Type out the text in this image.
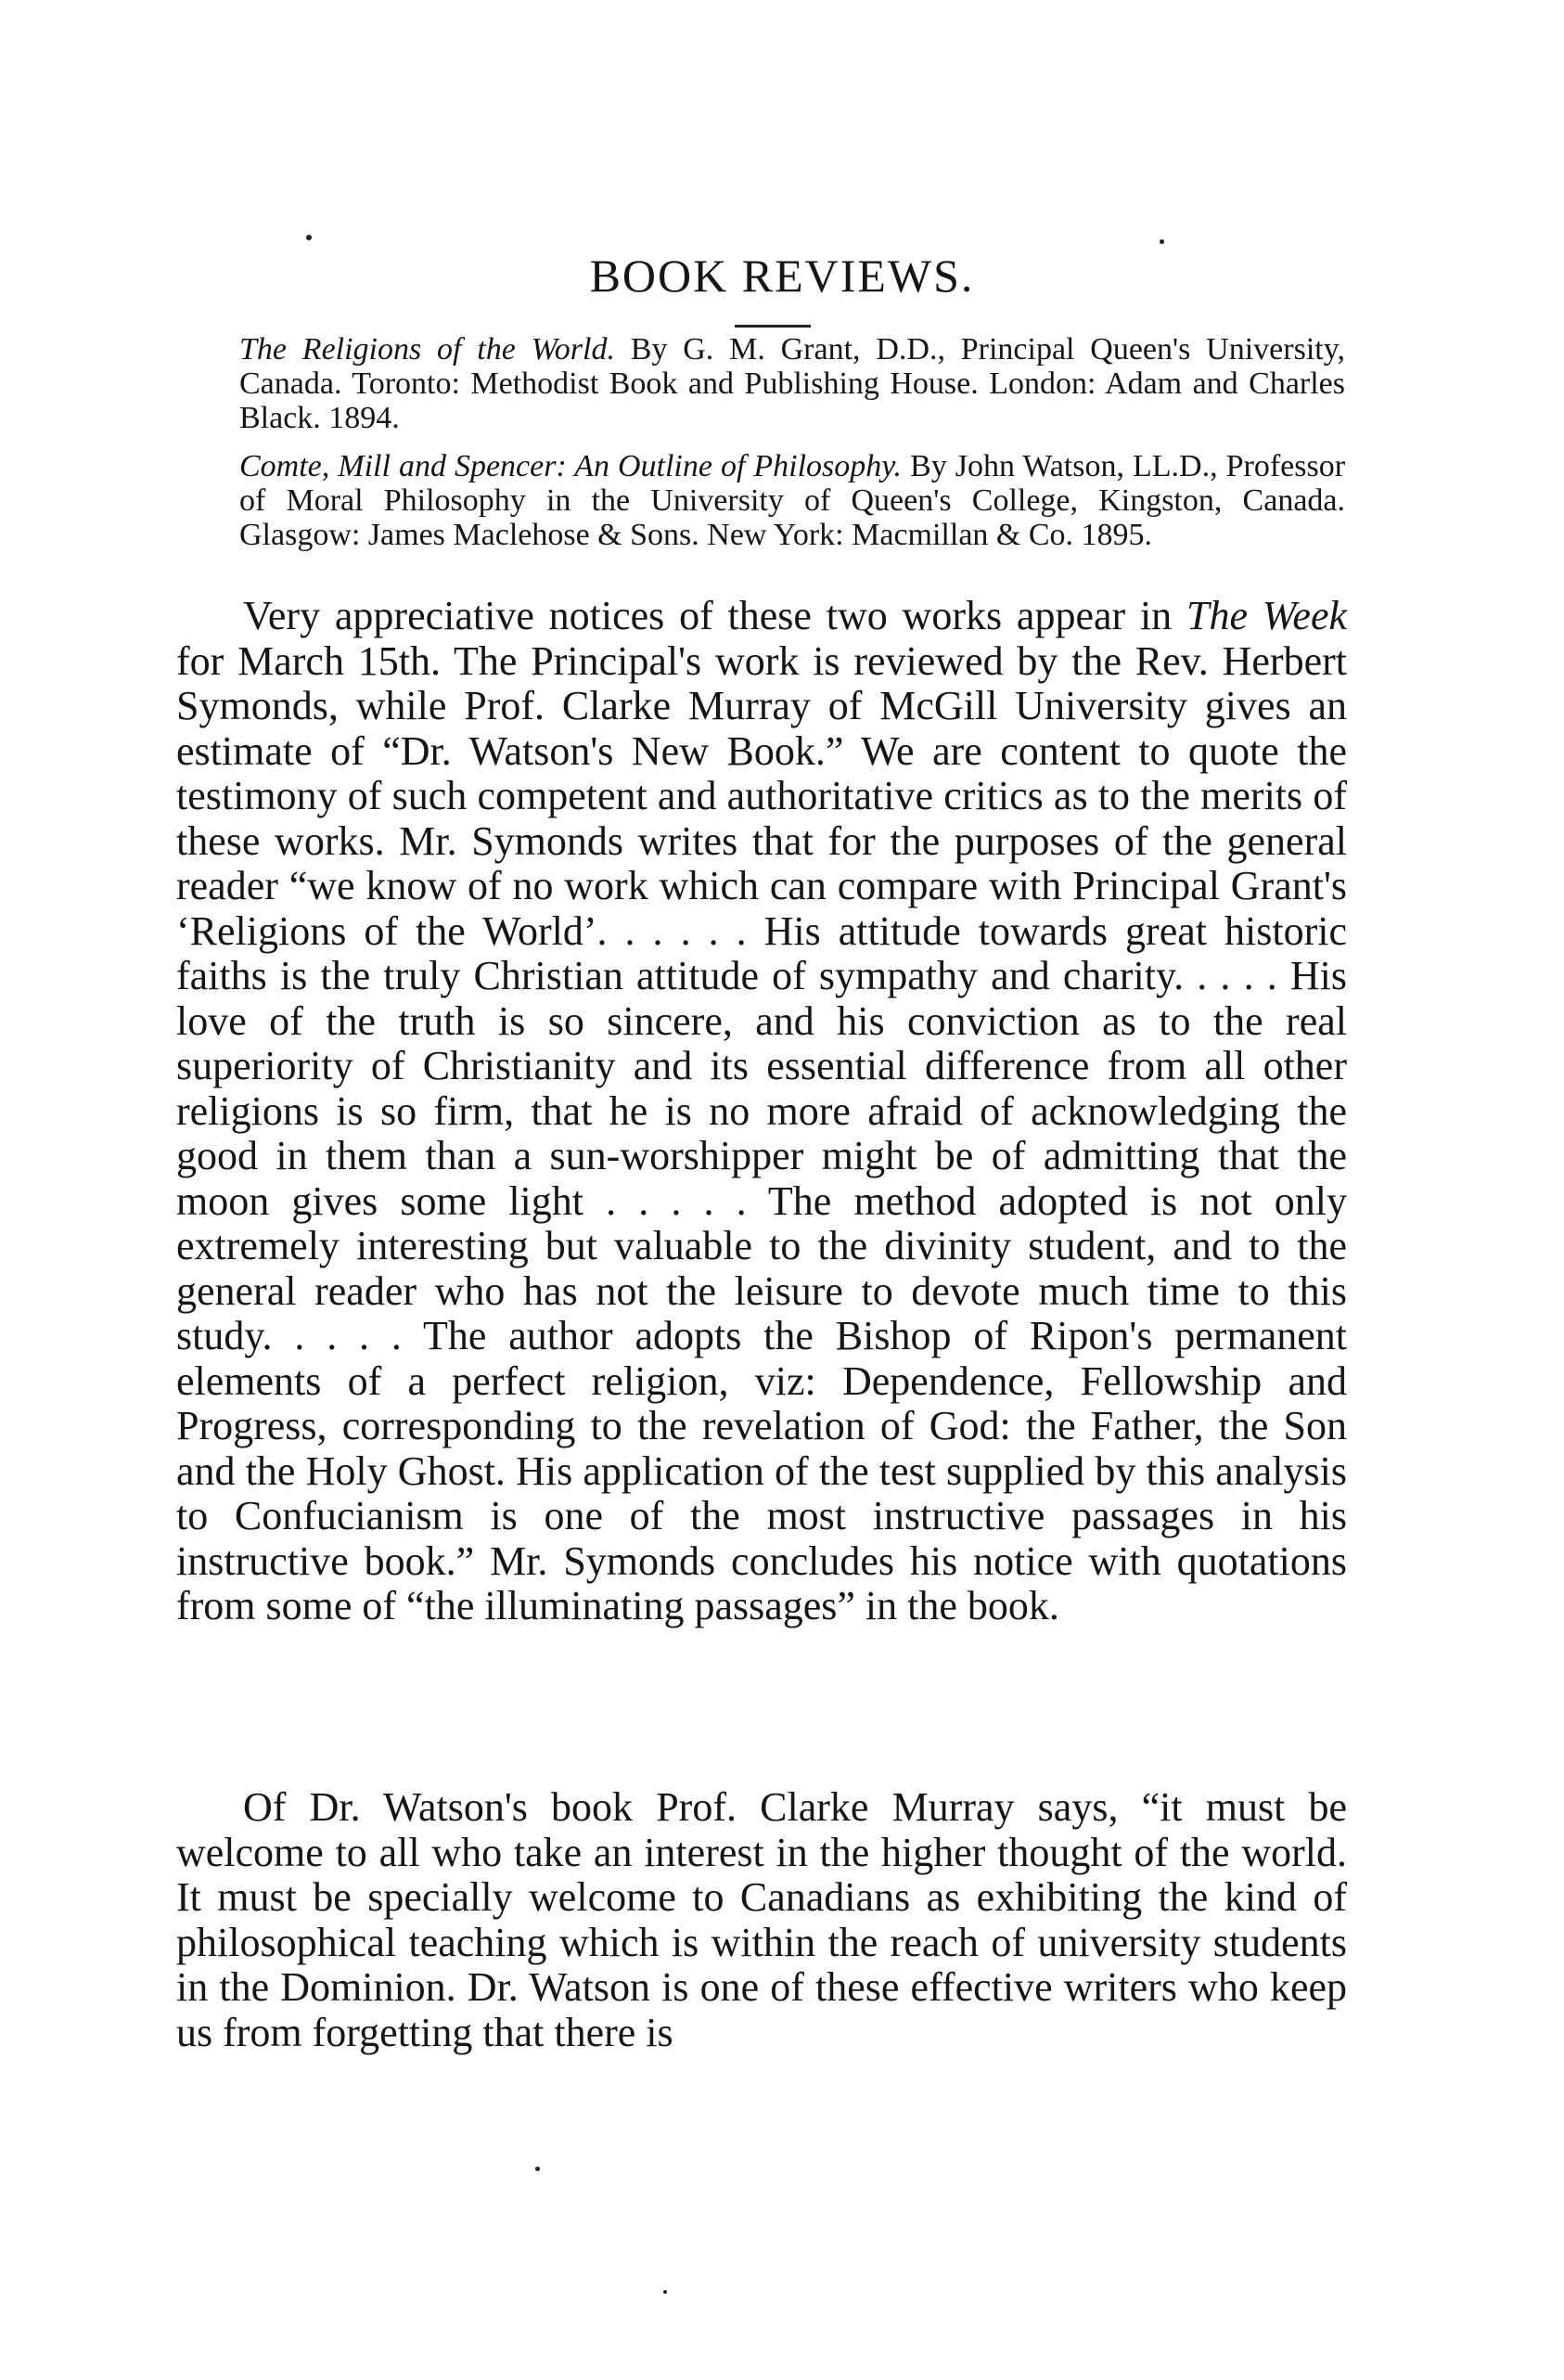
BOOK REVIEWS.
The Religions of the World. By G. M. Grant, D.D., Principal Queen's University, Canada. Toronto: Methodist Book and Publishing House. London: Adam and Charles Black. 1894.
Comte, Mill and Spencer: An Outline of Philosophy. By John Watson, LL.D., Professor of Moral Philosophy in the University of Queen's College, Kingston, Canada. Glasgow: James Maclehose & Sons. New York: Macmillan & Co. 1895.

Very appreciative notices of these two works appear in The Week for March 15th. The Principal's work is reviewed by the Rev. Herbert Symonds, while Prof. Clarke Murray of McGill University gives an estimate of “Dr. Watson's New Book.” We are content to quote the testimony of such competent and authoritative critics as to the merits of these works. Mr. Symonds writes that for the purposes of the general reader “we know of no work which can compare with Principal Grant's ‘Religions of the World’. . . . . . His attitude towards great historic faiths is the truly Christian attitude of sympathy and charity. . . . . His love of the truth is so sincere, and his conviction as to the real superiority of Christianity and its essential difference from all other religions is so firm, that he is no more afraid of acknowledging the good in them than a sun-worshipper might be of admitting that the moon gives some light . . . . . The method adopted is not only extremely interesting but valuable to the divinity student, and to the general reader who has not the leisure to devote much time to this study. . . . . The author adopts the Bishop of Ripon's permanent elements of a perfect religion, viz: Dependence, Fellowship and Progress, corresponding to the revelation of God: the Father, the Son and the Holy Ghost. His application of the test supplied by this analysis to Confucianism is one of the most instructive passages in his instructive book.” Mr. Symonds concludes his notice with quotations from some of “the illuminating passages” in the book.

Of Dr. Watson's book Prof. Clarke Murray says, “it must be welcome to all who take an interest in the higher thought of the world. It must be specially welcome to Canadians as exhibiting the kind of philosophical teaching which is within the reach of university students in the Dominion. Dr. Watson is one of these effective writers who keep us from forgetting that there is
